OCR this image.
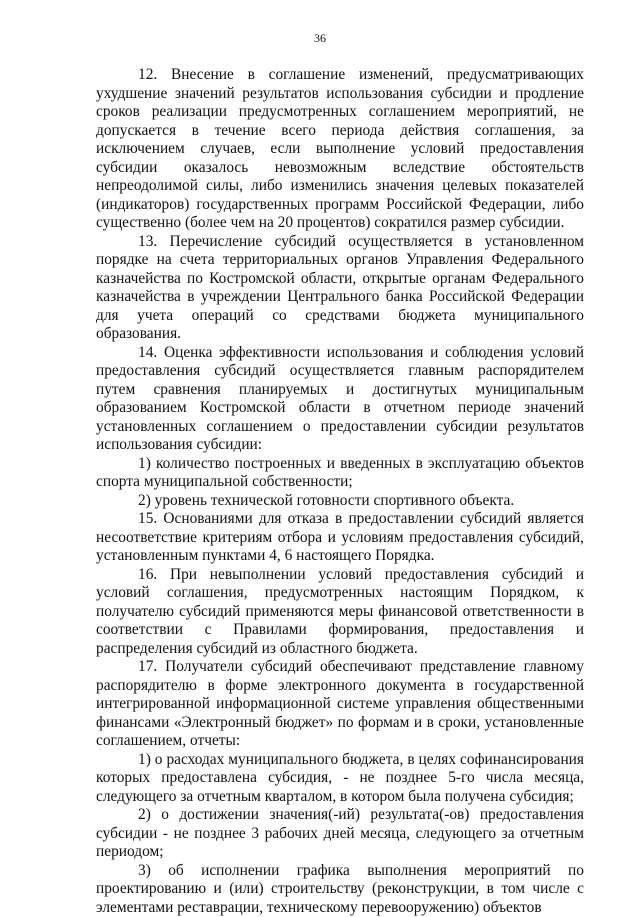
36

12. Внесение в соглашение изменений, предусматривающих ухудшение значений результатов использования субсидии и продление сроков реализации предусмотренных соглашением мероприятий, не допускается в течение всего периода действия соглашения, за исключением случаев, если выполнение условий предоставления субсидии оказалось невозможным вследствие обстоятельств непреодолимой силы, либо изменились значения целевых показателей (индикаторов) государственных программ Российской Федерации, либо существенно (более чем на 20 процентов) сократился размер субсидии.

13. Перечисление субсидий осуществляется в установленном порядке на счета территориальных органов Управления Федерального казначейства по Костромской области, открытые органам Федерального казначейства в учреждении Центрального банка Российской Федерации для учета операций со средствами бюджета муниципального образования.

14. Оценка эффективности использования и соблюдения условий предоставления субсидий осуществляется главным распорядителем путем сравнения планируемых и достигнутых муниципальным образованием Костромской области в отчетном периоде значений установленных соглашением о предоставлении субсидии результатов использования субсидии:

1) количество построенных и введенных в эксплуатацию объектов спорта муниципальной собственности;

2) уровень технической готовности спортивного объекта.

15. Основаниями для отказа в предоставлении субсидий является несоответствие критериям отбора и условиям предоставления субсидий, установленным пунктами 4, 6 настоящего Порядка.

16. При невыполнении условий предоставления субсидий и условий соглашения, предусмотренных настоящим Порядком, к получателю субсидий применяются меры финансовой ответственности в соответствии с Правилами формирования, предоставления и распределения субсидий из областного бюджета.

17. Получатели субсидий обеспечивают представление главному распорядителю в форме электронного документа в государственной интегрированной информационной системе управления общественными финансами «Электронный бюджет» по формам и в сроки, установленные соглашением, отчеты:

1) о расходах муниципального бюджета, в целях софинансирования которых предоставлена субсидия, - не позднее 5-го числа месяца, следующего за отчетным кварталом, в котором была получена субсидия;

2) о достижении значения(-ий) результата(-ов) предоставления субсидии - не позднее 3 рабочих дней месяца, следующего за отчетным периодом;

3) об исполнении графика выполнения мероприятий по проектированию и (или) строительству (реконструкции, в том числе с элементами реставрации, техническому перевооружению) объектов
